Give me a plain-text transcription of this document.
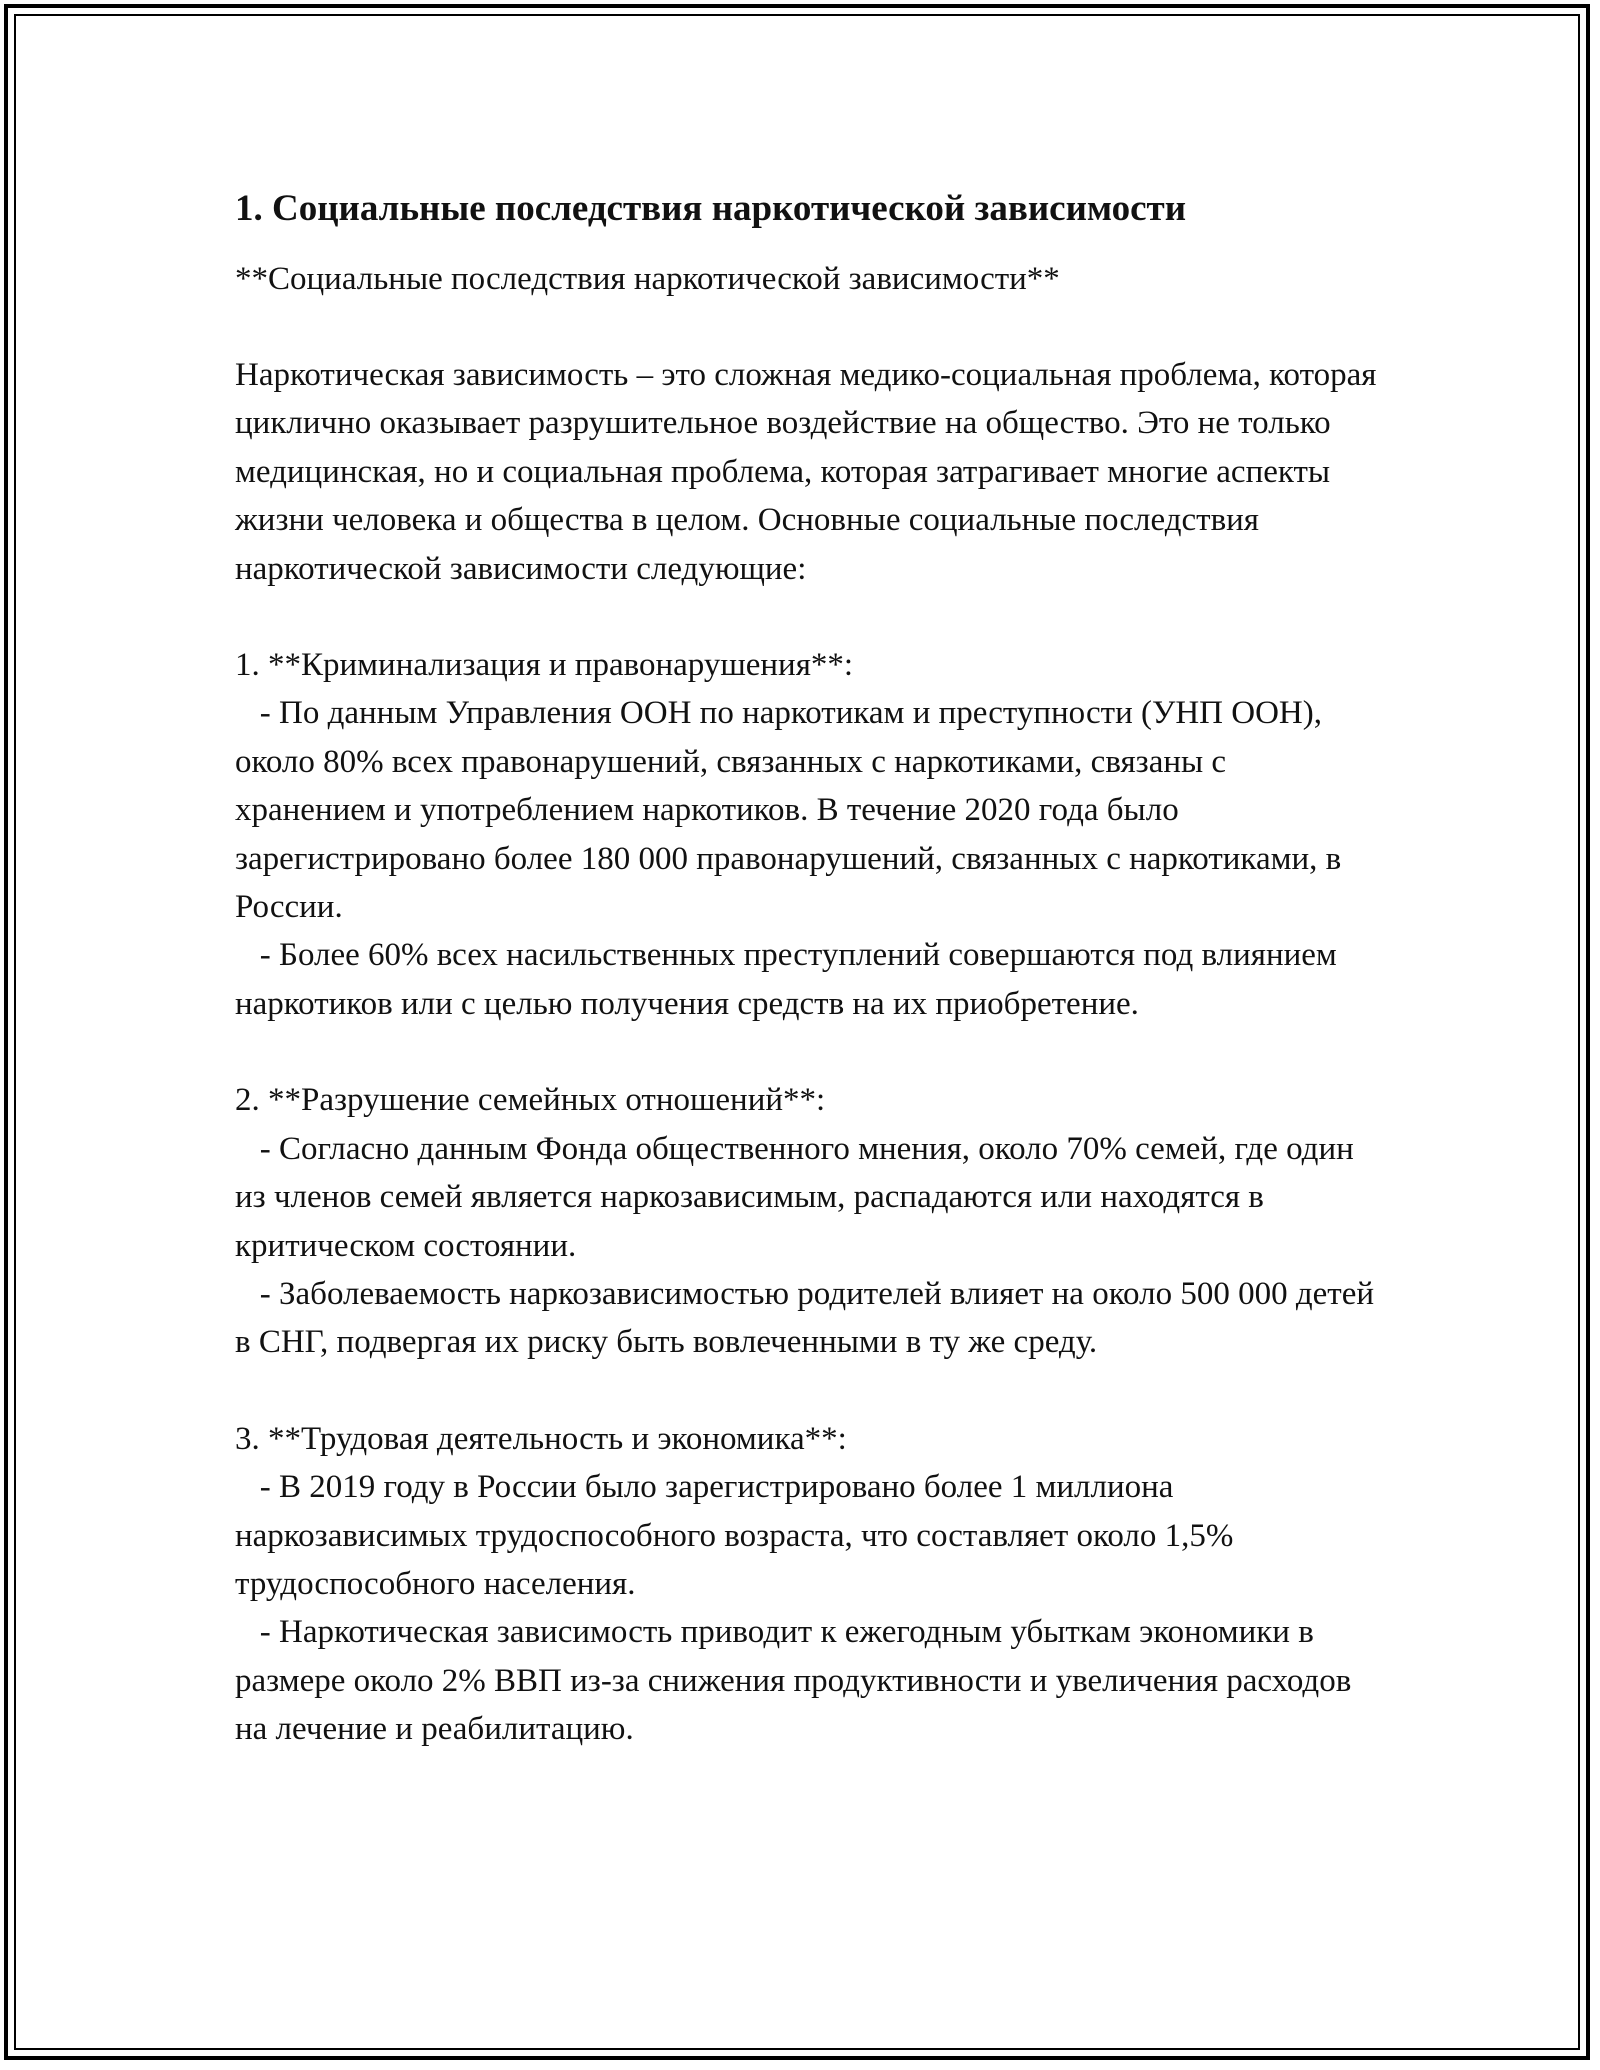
1. Социальные последствия наркотической зависимости

**Социальные последствия наркотической зависимости**

Наркотическая зависимость – это сложная медико-социальная проблема, которая циклично оказывает разрушительное воздействие на общество. Это не только медицинская, но и социальная проблема, которая затрагивает многие аспекты жизни человека и общества в целом. Основные социальные последствия наркотической зависимости следующие:

1. **Криминализация и правонарушения**:

- По данным Управления ООН по наркотикам и преступности (УНП ООН), около 80% всех правонарушений, связанных с наркотиками, связаны с хранением и употреблением наркотиков. В течение 2020 года было зарегистрировано более 180 000 правонарушений, связанных с наркотиками, в России.

- Более 60% всех насильственных преступлений совершаются под влиянием наркотиков или с целью получения средств на их приобретение.

2. **Разрушение семейных отношений**:

- Согласно данным Фонда общественного мнения, около 70% семей, где один из членов семей является наркозависимым, распадаются или находятся в критическом состоянии.

- Заболеваемость наркозависимостью родителей влияет на около 500 000 детей в СНГ, подвергая их риску быть вовлеченными в ту же среду.

3. **Трудовая деятельность и экономика**:

- В 2019 году в России было зарегистрировано более 1 миллиона наркозависимых трудоспособного возраста, что составляет около 1,5% трудоспособного населения.

- Наркотическая зависимость приводит к ежегодным убыткам экономики в размере около 2% ВВП из-за снижения продуктивности и увеличения расходов на лечение и реабилитацию.
